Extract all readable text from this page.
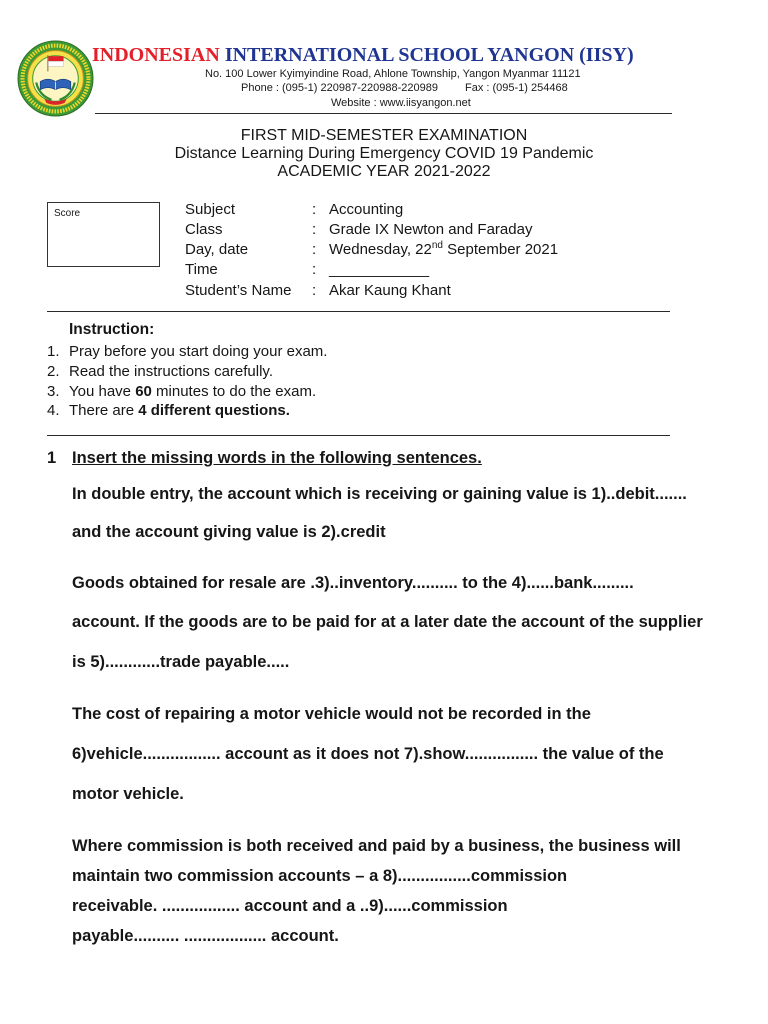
INDONESIAN INTERNATIONAL SCHOOL YANGON (IISY)
No. 100 Lower Kyimyindine Road, Ahlone Township, Yangon Myanmar 11121
Phone : (095-1) 220987-220988-220989 Fax : (095-1) 254468
Website : www.iisyangon.net
FIRST MID-SEMESTER EXAMINATION
Distance Learning During Emergency COVID 19 Pandemic
ACADEMIC YEAR 2021-2022
Score	Subject	: Accounting
Class	: Grade IX Newton and Faraday
Day, date	: Wednesday, 22nd September 2021
Time	: ____________
Student’s Name : Akar Kaung Khant
Instruction:
1. Pray before you start doing your exam.
2. Read the instructions carefully.
3. You have 60 minutes to do the exam.
4. There are 4 different questions.
1 Insert the missing words in the following sentences.
In double entry, the account which is receiving or gaining value is 1)..debit.......
and the account giving value is 2).credit
Goods obtained for resale are .3)..inventory.......... to the 4)......bank.........
account. If the goods are to be paid for at a later date the account of the supplier
is 5)............trade payable.....
The cost of repairing a motor vehicle would not be recorded in the
6)vehicle................. account as it does not 7).show................ the value of the
motor vehicle.
Where commission is both received and paid by a business, the business will
maintain two commission accounts – a 8)................commission
receivable. ................. account and a ..9)......commission
payable.......... .................. account.
